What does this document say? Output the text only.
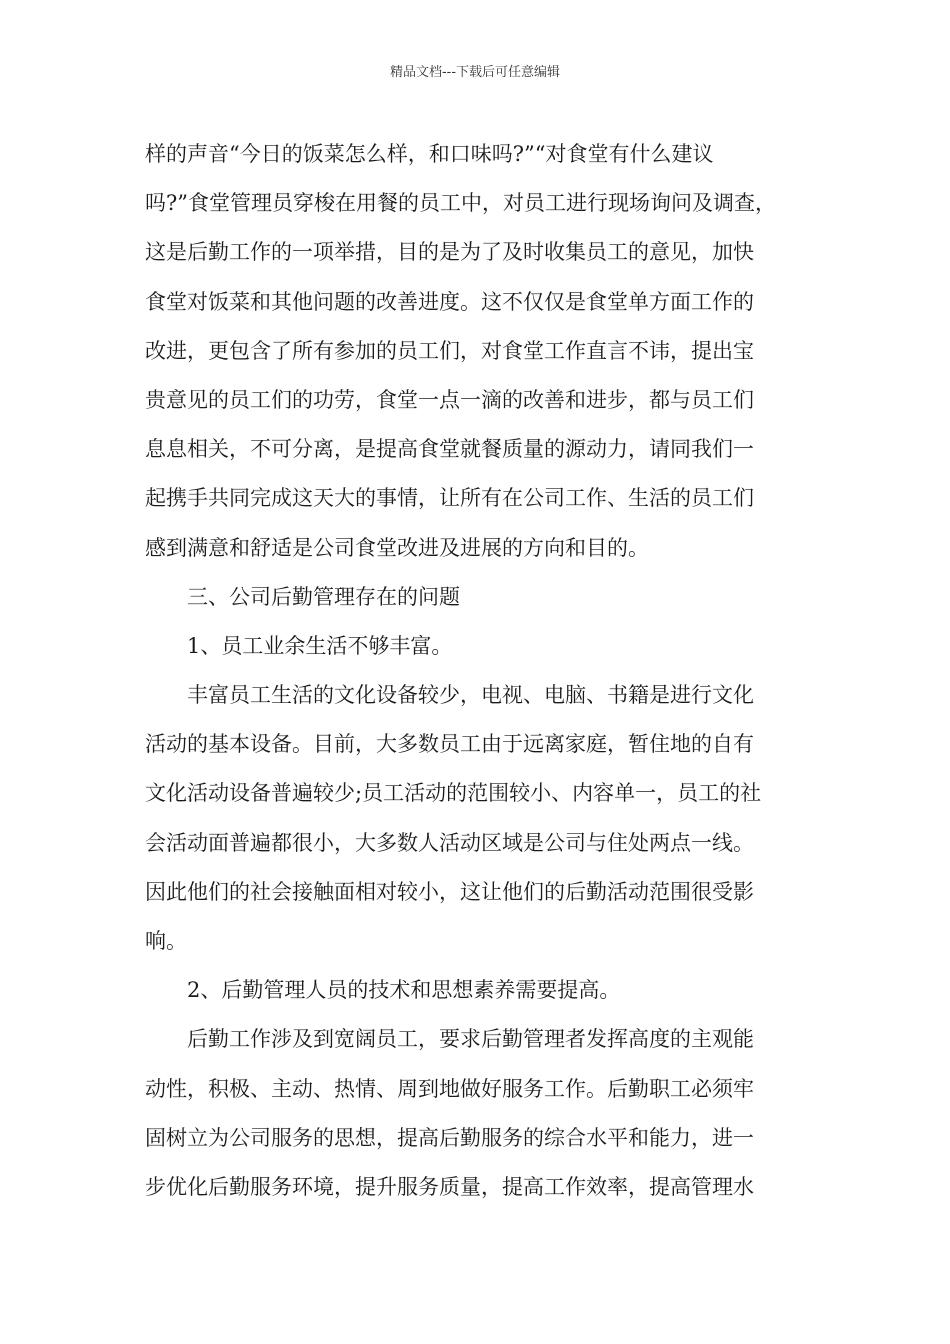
精品文档---下载后可任意编辑
样的声音“今日的饭菜怎么样，和口味吗?”“对食堂有什么建议
吗?”食堂管理员穿梭在用餐的员工中，对员工进行现场询问及调查，
这是后勤工作的一项举措，目的是为了及时收集员工的意见，加快
食堂对饭菜和其他问题的改善进度。这不仅仅是食堂单方面工作的
改进，更包含了所有参加的员工们，对食堂工作直言不讳，提出宝
贵意见的员工们的功劳，食堂一点一滴的改善和进步，都与员工们
息息相关，不可分离，是提高食堂就餐质量的源动力，请同我们一
起携手共同完成这天大的事情，让所有在公司工作、生活的员工们
感到满意和舒适是公司食堂改进及进展的方向和目的。
三、公司后勤管理存在的问题
1、员工业余生活不够丰富。
丰富员工生活的文化设备较少，电视、电脑、书籍是进行文化
活动的基本设备。目前，大多数员工由于远离家庭，暂住地的自有
文化活动设备普遍较少;员工活动的范围较小、内容单一，员工的社
会活动面普遍都很小，大多数人活动区域是公司与住处两点一线。
因此他们的社会接触面相对较小，这让他们的后勤活动范围很受影
响。
2、后勤管理人员的技术和思想素养需要提高。
后勤工作涉及到宽阔员工，要求后勤管理者发挥高度的主观能
动性，积极、主动、热情、周到地做好服务工作。后勤职工必须牢
固树立为公司服务的思想，提高后勤服务的综合水平和能力，进一
步优化后勤服务环境，提升服务质量，提高工作效率，提高管理水
